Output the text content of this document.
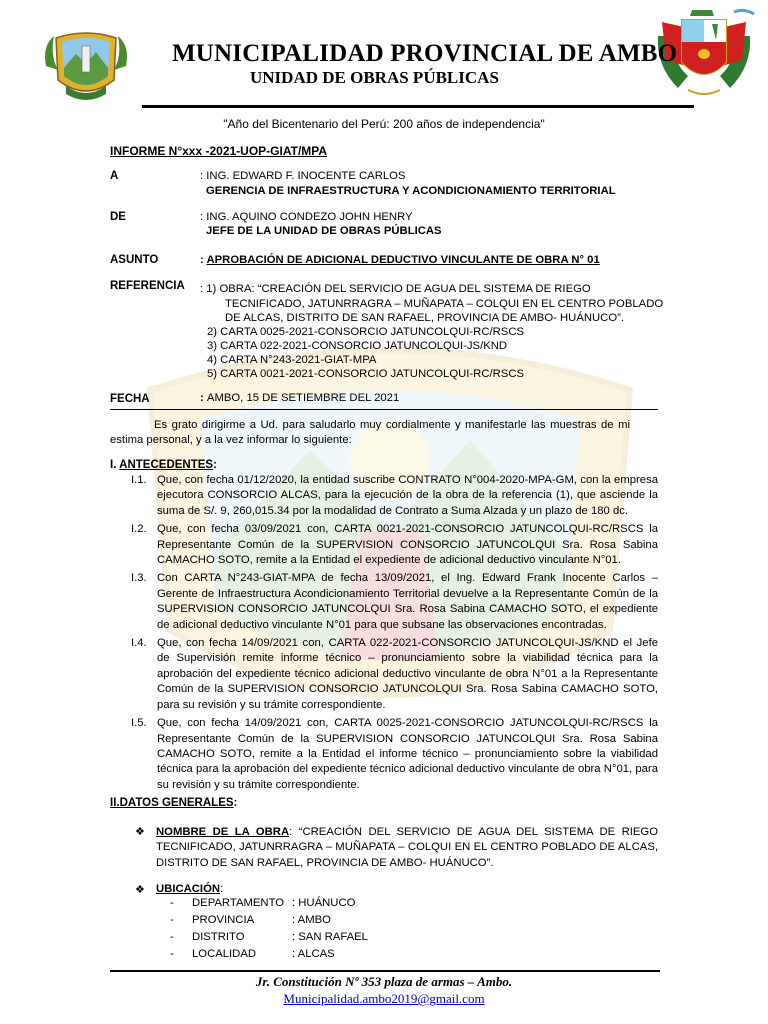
MUNICIPALIDAD PROVINCIAL DE AMBO
UNIDAD DE OBRAS PÚBLICAS
"Año del Bicentenario del Perú: 200 años de independencia"
INFORME N°xxx -2021-UOP-GIAT/MPA
A	: ING. EDWARD F. INOCENTE CARLOS
GERENCIA DE INFRAESTRUCTURA Y ACONDICIONAMIENTO TERRITORIAL
DE	: ING. AQUINO CONDEZO JOHN HENRY
JEFE DE LA UNIDAD DE OBRAS PÚBLICAS
ASUNTO	: APROBACIÓN DE ADICIONAL DEDUCTIVO VINCULANTE DE OBRA N° 01
REFERENCIA : 1) OBRA: “CREACIÓN DEL SERVICIO DE AGUA DEL SISTEMA DE RIEGO
TECNIFICADO, JATUNRRAGRA – MUÑAPATA – COLQUI EN EL CENTRO POBLADO
DE ALCAS, DISTRITO DE SAN RAFAEL, PROVINCIA DE AMBO- HUÁNUCO”.
2) CARTA 0025-2021-CONSORCIO JATUNCOLQUI-RC/RSCS
3) CARTA 022-2021-CONSORCIO JATUNCOLQUI-JS/KND
4) CARTA N°243-2021-GIAT-MPA
5) CARTA 0021-2021-CONSORCIO JATUNCOLQUI-RC/RSCS
FECHA	: AMBO, 15 DE SETIEMBRE DEL 2021
Es grato dirigirme a Ud. para saludarlo muy cordialmente y manifestarle las muestras de mi estima personal, y a la vez informar lo siguiente:
I. ANTECEDENTES:
I.1. Que, con fecha 01/12/2020, la entidad suscribe CONTRATO N°004-2020-MPA-GM, con la empresa ejecutora CONSORCIO ALCAS, para la ejecución de la obra de la referencia (1), que asciende la suma de S/. 9, 260,015.34 por la modalidad de Contrato a Suma Alzada y un plazo de 180 dc.
I.2. Que, con fecha 03/09/2021 con, CARTA 0021-2021-CONSORCIO JATUNCOLQUI-RC/RSCS la Representante Común de la SUPERVISION CONSORCIO JATUNCOLQUI Sra. Rosa Sabina CAMACHO SOTO, remite a la Entidad el expediente de adicional deductivo vinculante N°01.
I.3. Con CARTA N°243-GIAT-MPA de fecha 13/09/2021, el Ing. Edward Frank Inocente Carlos – Gerente de Infraestructura Acondicionamiento Territorial devuelve a la Representante Común de la SUPERVISION CONSORCIO JATUNCOLQUI Sra. Rosa Sabina CAMACHO SOTO, el expediente de adicional deductivo vinculante N°01 para que subsane las observaciones encontradas.
I.4. Que, con fecha 14/09/2021 con, CARTA 022-2021-CONSORCIO JATUNCOLQUI-JS/KND el Jefe de Supervisión remite informe técnico – pronunciamiento sobre la viabilidad técnica para la aprobación del expediente técnico adicional deductivo vinculante de obra N°01 a la Representante Común de la SUPERVISION CONSORCIO JATUNCOLQUI Sra. Rosa Sabina CAMACHO SOTO, para su revisión y su trámite correspondiente.
I.5. Que, con fecha 14/09/2021 con, CARTA 0025-2021-CONSORCIO JATUNCOLQUI-RC/RSCS la Representante Común de la SUPERVISION CONSORCIO JATUNCOLQUI Sra. Rosa Sabina CAMACHO SOTO, remite a la Entidad el informe técnico – pronunciamiento sobre la viabilidad técnica para la aprobación del expediente técnico adicional deductivo vinculante de obra N°01, para su revisión y su trámite correspondiente.
II.DATOS GENERALES:
❖ NOMBRE DE LA OBRA: “CREACIÓN DEL SERVICIO DE AGUA DEL SISTEMA DE RIEGO TECNIFICADO, JATUNRRAGRA – MUÑAPATA – COLQUI EN EL CENTRO POBLADO DE ALCAS, DISTRITO DE SAN RAFAEL, PROVINCIA DE AMBO- HUÁNUCO”.
❖ UBICACIÓN:
- DEPARTAMENTO : HUÁNUCO
- PROVINCIA	: AMBO
- DISTRITO	: SAN RAFAEL
- LOCALIDAD	: ALCAS
Jr. Constitución Nº 353 plaza de armas – Ambo.
Municipalidad.ambo2019@gmail.com
